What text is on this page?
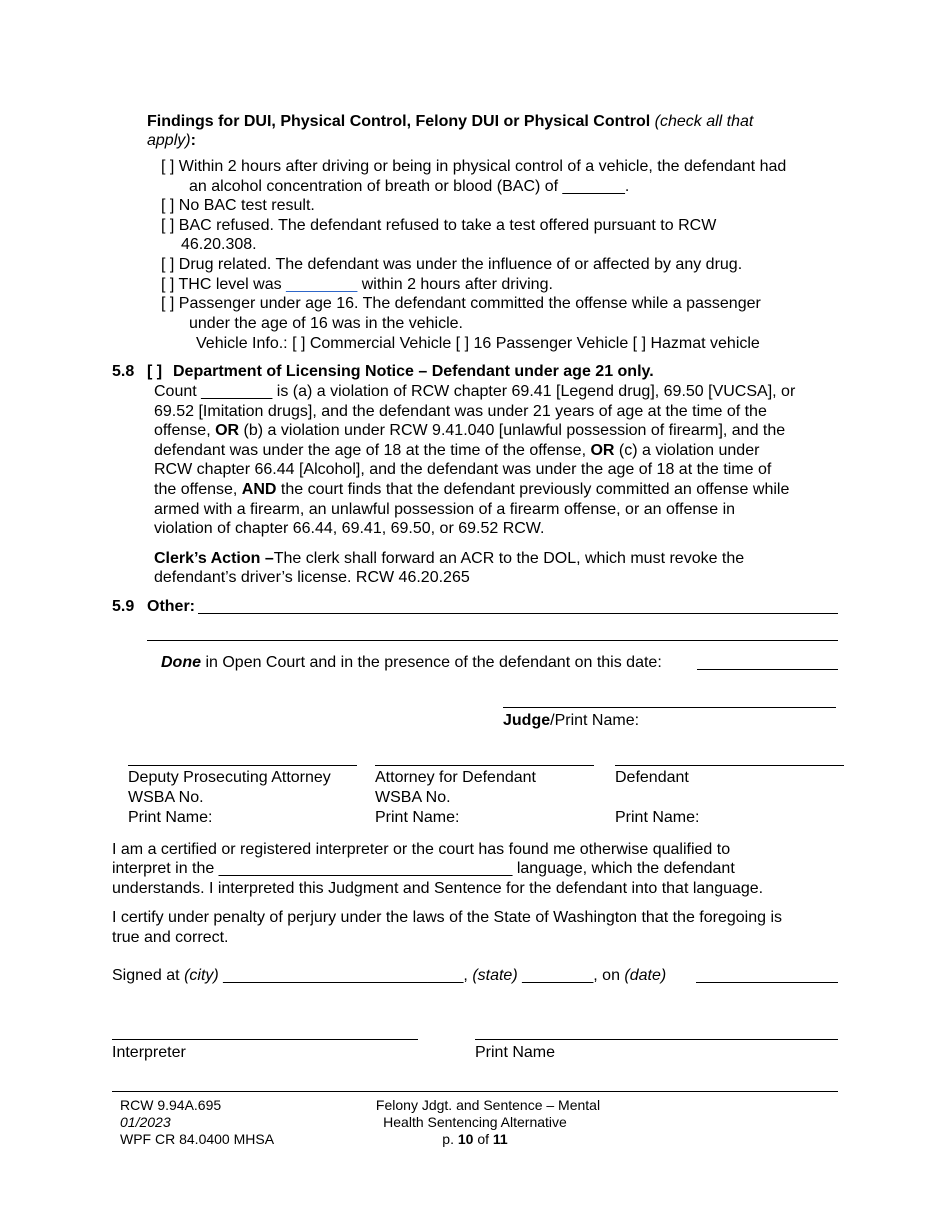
Findings for DUI, Physical Control, Felony DUI or Physical Control (check all that
apply):
[ ] Within 2 hours after driving or being in physical control of a vehicle, the defendant had
an alcohol concentration of breath or blood (BAC) of _______.
[ ] No BAC test result.
[ ] BAC refused. The defendant refused to take a test offered pursuant to RCW
46.20.308.
[ ] Drug related. The defendant was under the influence of or affected by any drug.
[ ] THC level was ________ within 2 hours after driving.
[ ] Passenger under age 16. The defendant committed the offense while a passenger
under the age of 16 was in the vehicle.
Vehicle Info.: [ ] Commercial Vehicle [ ] 16 Passenger Vehicle [ ] Hazmat vehicle
5.8 [ ] Department of Licensing Notice – Defendant under age 21 only.
Count ________ is (a) a violation of RCW chapter 69.41 [Legend drug], 69.50 [VUCSA], or
69.52 [Imitation drugs], and the defendant was under 21 years of age at the time of the
offense, OR (b) a violation under RCW 9.41.040 [unlawful possession of firearm], and the
defendant was under the age of 18 at the time of the offense, OR (c) a violation under
RCW chapter 66.44 [Alcohol], and the defendant was under the age of 18 at the time of
the offense, AND the court finds that the defendant previously committed an offense while
armed with a firearm, an unlawful possession of a firearm offense, or an offense in
violation of chapter 66.44, 69.41, 69.50, or 69.52 RCW.
Clerk’s Action –The clerk shall forward an ACR to the DOL, which must revoke the
defendant’s driver’s license. RCW 46.20.265
5.9 Other:
Done in Open Court and in the presence of the defendant on this date:
Judge/Print Name:
Deputy Prosecuting Attorney
WSBA No.
Print Name:
Attorney for Defendant
WSBA No.
Print Name:
Defendant
Print Name:
I am a certified or registered interpreter or the court has found me otherwise qualified to
interpret in the _________________________________ language, which the defendant
understands. I interpreted this Judgment and Sentence for the defendant into that language.
I certify under penalty of perjury under the laws of the State of Washington that the foregoing is
true and correct.
Signed at (city) ___________________________, (state) ________, on (date)
Interpreter	Print Name
RCW 9.94A.695
01/2023
WPF CR 84.0400 MHSA
Felony Jdgt. and Sentence – Mental
Health Sentencing Alternative
p. 10 of 11
